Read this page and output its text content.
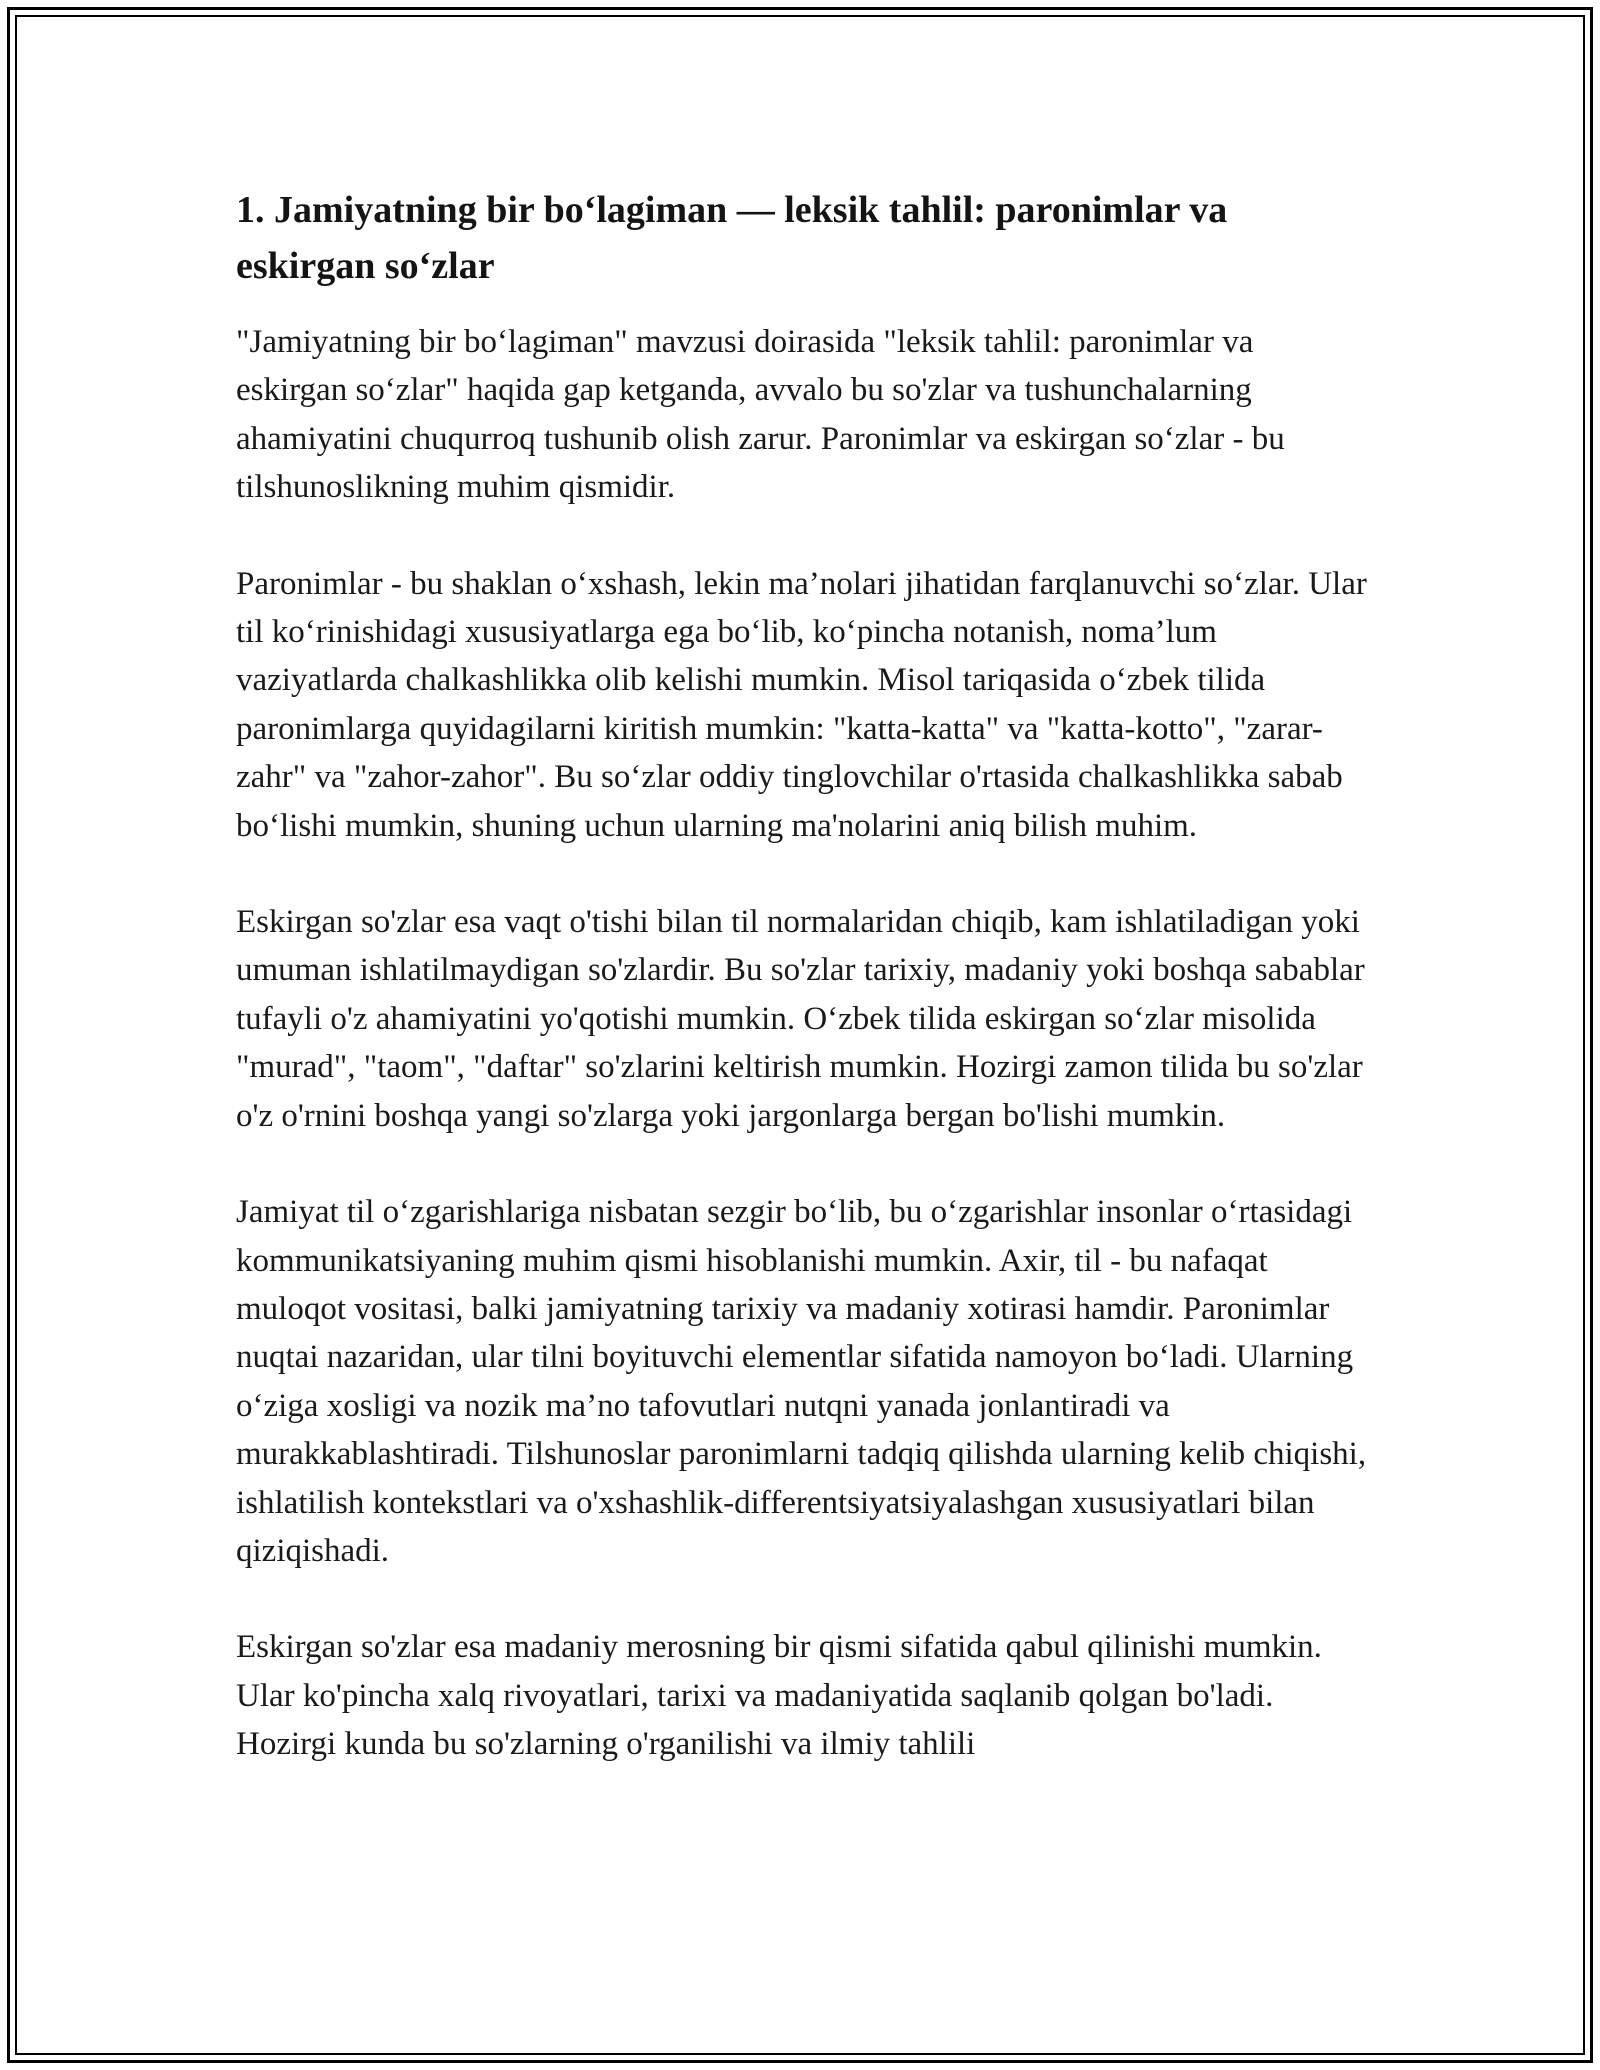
1. Jamiyatning bir bo‘lagiman — leksik tahlil: paronimlar va eskirgan so‘zlar

"Jamiyatning bir bo‘lagiman" mavzusi doirasida "leksik tahlil: paronimlar va eskirgan so‘zlar" haqida gap ketganda, avvalo bu so'zlar va tushunchalarning ahamiyatini chuqurroq tushunib olish zarur. Paronimlar va eskirgan so‘zlar - bu tilshunoslikning muhim qismidir.

Paronimlar - bu shaklan o‘xshash, lekin ma’nolari jihatidan farqlanuvchi so‘zlar. Ular til ko‘rinishidagi xususiyatlarga ega bo‘lib, ko‘pincha notanish, noma’lum vaziyatlarda chalkashlikka olib kelishi mumkin. Misol tariqasida o‘zbek tilida paronimlarga quyidagilarni kiritish mumkin: "katta-katta" va "katta-kotto", "zarar-zahr" va "zahor-zahor". Bu so‘zlar oddiy tinglovchilar o'rtasida chalkashlikka sabab bo‘lishi mumkin, shuning uchun ularning ma'nolarini aniq bilish muhim.

Eskirgan so'zlar esa vaqt o'tishi bilan til normalaridan chiqib, kam ishlatiladigan yoki umuman ishlatilmaydigan so'zlardir. Bu so'zlar tarixiy, madaniy yoki boshqa sabablar tufayli o'z ahamiyatini yo'qotishi mumkin. O‘zbek tilida eskirgan so‘zlar misolida "murad", "taom", "daftar" so'zlarini keltirish mumkin. Hozirgi zamon tilida bu so'zlar o'z o'rnini boshqa yangi so'zlarga yoki jargonlarga bergan bo'lishi mumkin.

Jamiyat til o‘zgarishlariga nisbatan sezgir bo‘lib, bu o‘zgarishlar insonlar o‘rtasidagi kommunikatsiyaning muhim qismi hisoblanishi mumkin. Axir, til - bu nafaqat muloqot vositasi, balki jamiyatning tarixiy va madaniy xotirasi hamdir. Paronimlar nuqtai nazaridan, ular tilni boyituvchi elementlar sifatida namoyon bo‘ladi. Ularning o‘ziga xosligi va nozik ma’no tafovutlari nutqni yanada jonlantiradi va murakkablashtiradi. Tilshunoslar paronimlarni tadqiq qilishda ularning kelib chiqishi, ishlatilish kontekstlari va o'xshashlik-differentsiyatsiyalashgan xususiyatlari bilan qiziqishadi.

Eskirgan so'zlar esa madaniy merosning bir qismi sifatida qabul qilinishi mumkin. Ular ko'pincha xalq rivoyatlari, tarixi va madaniyatida saqlanib qolgan bo'ladi. Hozirgi kunda bu so'zlarning o'rganilishi va ilmiy tahlili
